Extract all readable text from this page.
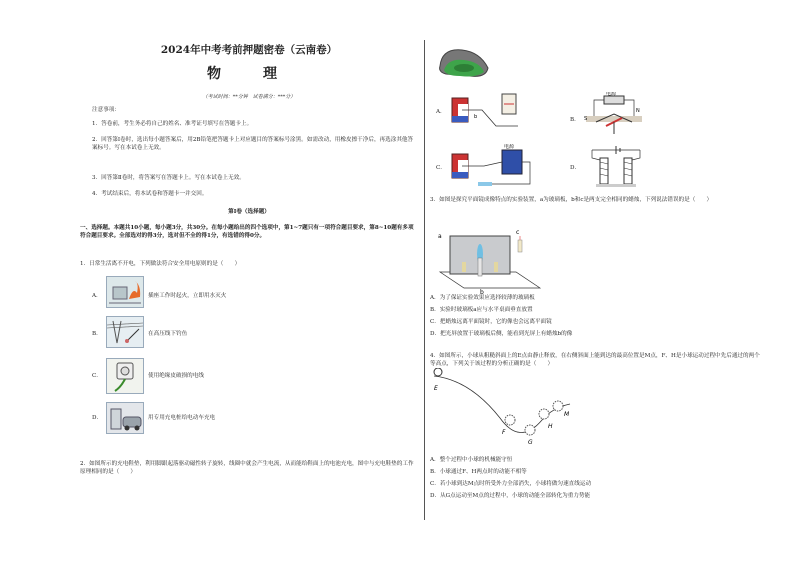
2024年中考考前押题密卷（云南卷）
物　理
（考试时间：**分钟　试卷满分：***分）
注意事项：
1．答卷前，考生务必将自己的姓名、准考证号填写在答题卡上。
2．回答第Ⅰ卷时，选出每小题答案后，用2B铅笔把答题卡上对应题目的答案标号涂黑。如需改动，用橡皮擦干净后，再选涂其他答案标号。写在本试卷上无效。
3．回答第Ⅱ卷时，将答案写在答题卡上。写在本试卷上无效。
4．考试结束后，将本试卷和答题卡一并交回。
第Ⅰ卷（选择题）
一、选择题。本题共10小题，每小题3分，共30分。在每小题给出的四个选项中，第1~7题只有一项符合题目要求，第8~10题有多项符合题目要求。全部选对的得3分，选对但不全的得1分，有选错的得0分。
1．日常生活离不开电，下列做法符合安全用电原则的是（　　）
A．	插座工作时起火，立即用水灭火
B．	在高压线下钓鱼
C．	使用绝缘皮破损的电线
D．	用专用充电桩给电动车充电
2．如图所示的充电鞋垫，利用脚跟起落驱动磁性转子旋转，线圈中就会产生电流，从而能给鞋面上的电池充电，图中与充电鞋垫的工作原理相同的是（　　）
A．
b	B．
电源
S
N
C．
电源
D．
3．如图是探究平面镜成像特点的实验装置，a为玻璃板，b和c是两支完全相同的蜡烛，下列说法错误的是（　　）
a
c
b
A．为了保证实验效果应选择较薄的玻璃板
B．实验时玻璃板a应与水平桌面垂直放置
C．把蜡烛远离平面镜时，它的像也会远离平面镜
D．把光屏放置于玻璃板后侧，能看到光屏上有蜡烛b的像
4．如图所示，小球从粗糙斜面上的E点由静止释放，在右侧斜面上能到达的最高位置是M点，F、H是小球运动过程中先后通过的两个等高点，下列关于该过程的分析正确的是（　　）
E
F
G
H
M
A．整个过程中小球的机械能守恒
B．小球通过F、H两点时的动能不相等
C．若小球到达M点时所受外力全部消失，小球将做匀速直线运动
D．从G点运动至M点的过程中，小球的动能全部转化为重力势能
